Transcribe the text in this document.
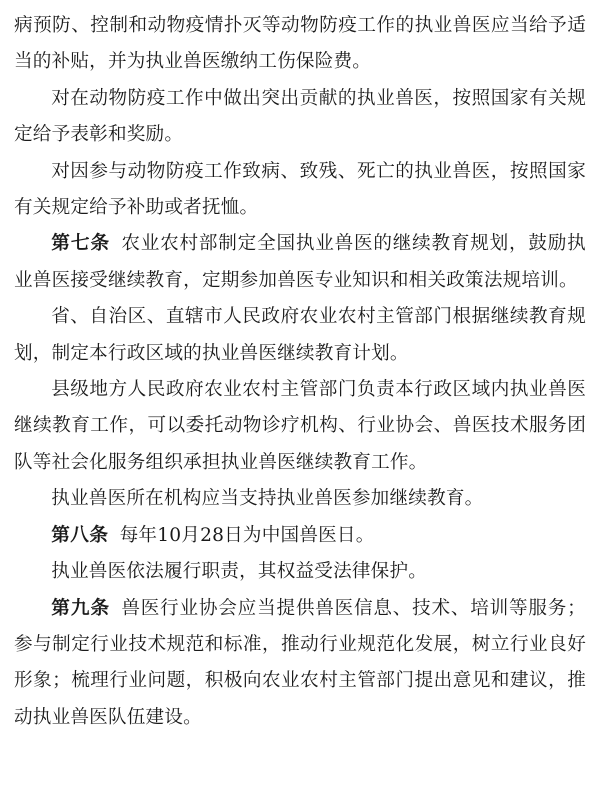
病预防、控制和动物疫情扑灭等动物防疫工作的执业兽医应当给予适当的补贴，并为执业兽医缴纳工伤保险费。

对在动物防疫工作中做出突出贡献的执业兽医，按照国家有关规定给予表彰和奖励。

对因参与动物防疫工作致病、致残、死亡的执业兽医，按照国家有关规定给予补助或者抚恤。

第七条 农业农村部制定全国执业兽医的继续教育规划，鼓励执业兽医接受继续教育，定期参加兽医专业知识和相关政策法规培训。

省、自治区、直辖市人民政府农业农村主管部门根据继续教育规划，制定本行政区域的执业兽医继续教育计划。

县级地方人民政府农业农村主管部门负责本行政区域内执业兽医继续教育工作，可以委托动物诊疗机构、行业协会、兽医技术服务团队等社会化服务组织承担执业兽医继续教育工作。

执业兽医所在机构应当支持执业兽医参加继续教育。

第八条 每年10月28日为中国兽医日。

执业兽医依法履行职责，其权益受法律保护。

第九条 兽医行业协会应当提供兽医信息、技术、培训等服务；参与制定行业技术规范和标准，推动行业规范化发展，树立行业良好形象；梳理行业问题，积极向农业农村主管部门提出意见和建议，推动执业兽医队伍建设。
